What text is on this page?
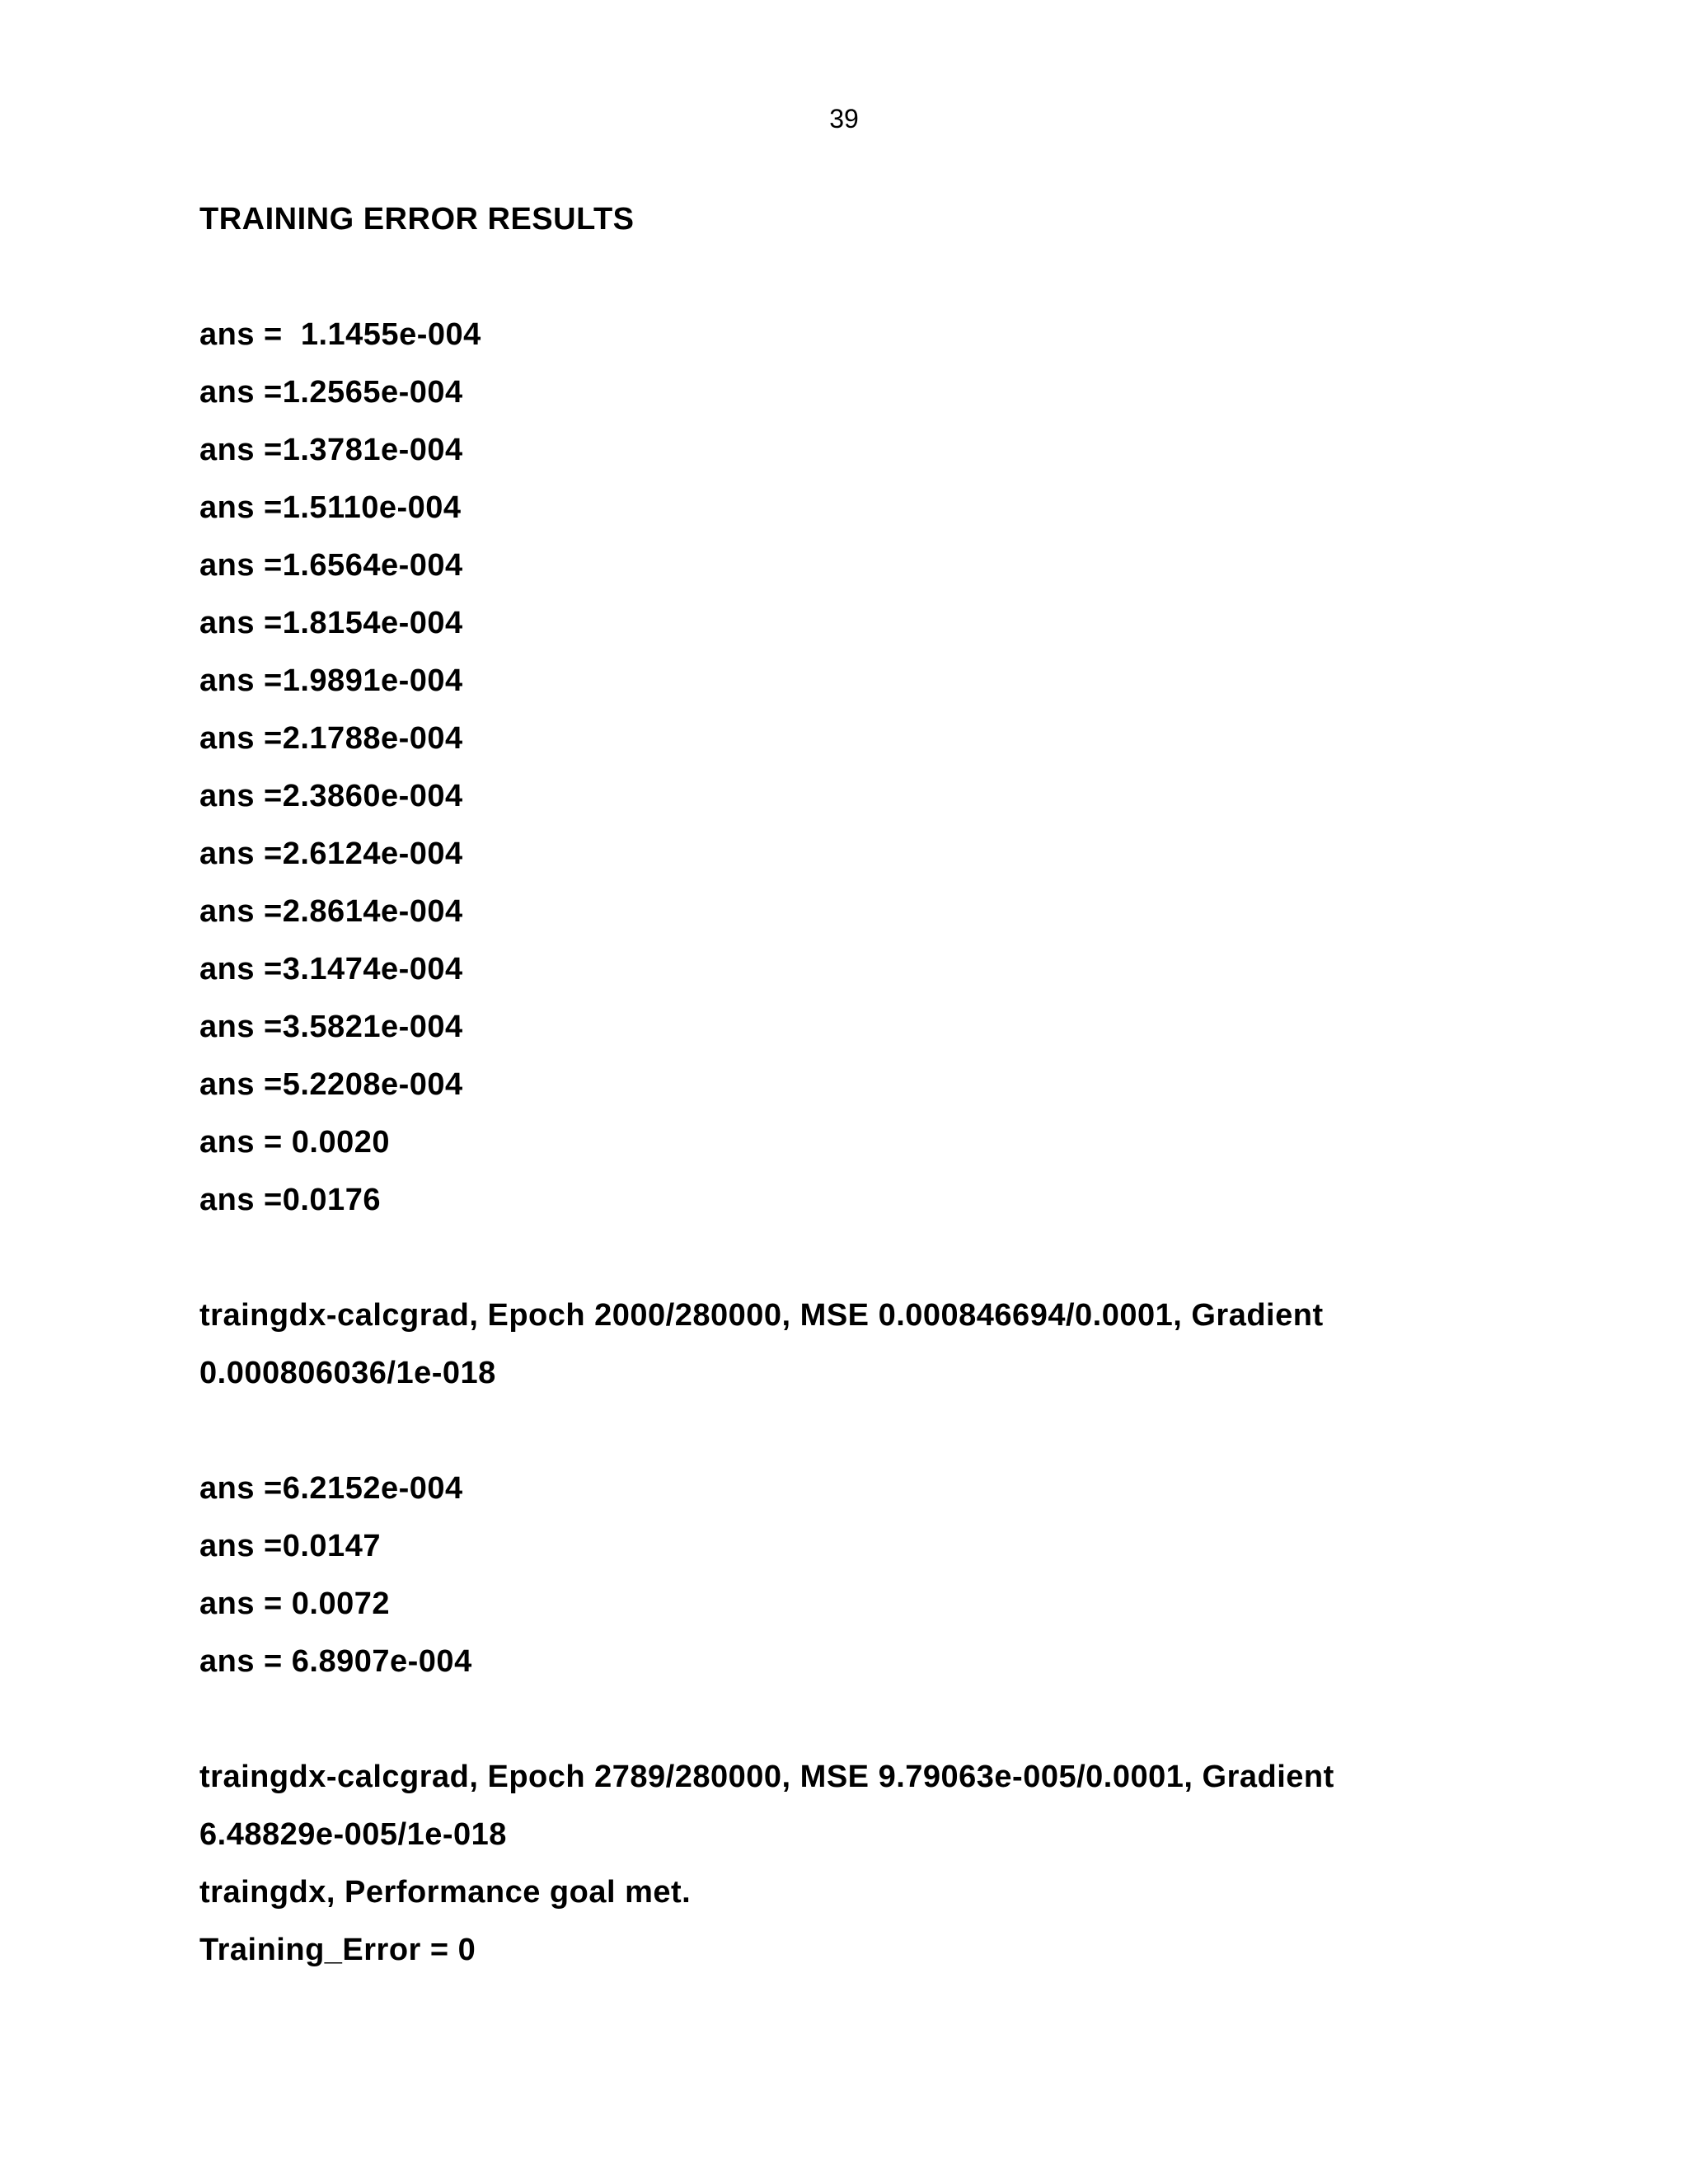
39
TRAINING ERROR RESULTS
ans =  1.1455e-004
ans =1.2565e-004
ans =1.3781e-004
ans =1.5110e-004
ans =1.6564e-004
ans =1.8154e-004
ans =1.9891e-004
ans =2.1788e-004
ans =2.3860e-004
ans =2.6124e-004
ans =2.8614e-004
ans =3.1474e-004
ans =3.5821e-004
ans =5.2208e-004
ans = 0.0020
ans =0.0176
traingdx-calcgrad, Epoch 2000/280000, MSE 0.000846694/0.0001, Gradient
0.000806036/1e-018
ans =6.2152e-004
ans =0.0147
ans = 0.0072
ans = 6.8907e-004
traingdx-calcgrad, Epoch 2789/280000, MSE 9.79063e-005/0.0001, Gradient
6.48829e-005/1e-018
traingdx, Performance goal met.
Training_Error = 0
